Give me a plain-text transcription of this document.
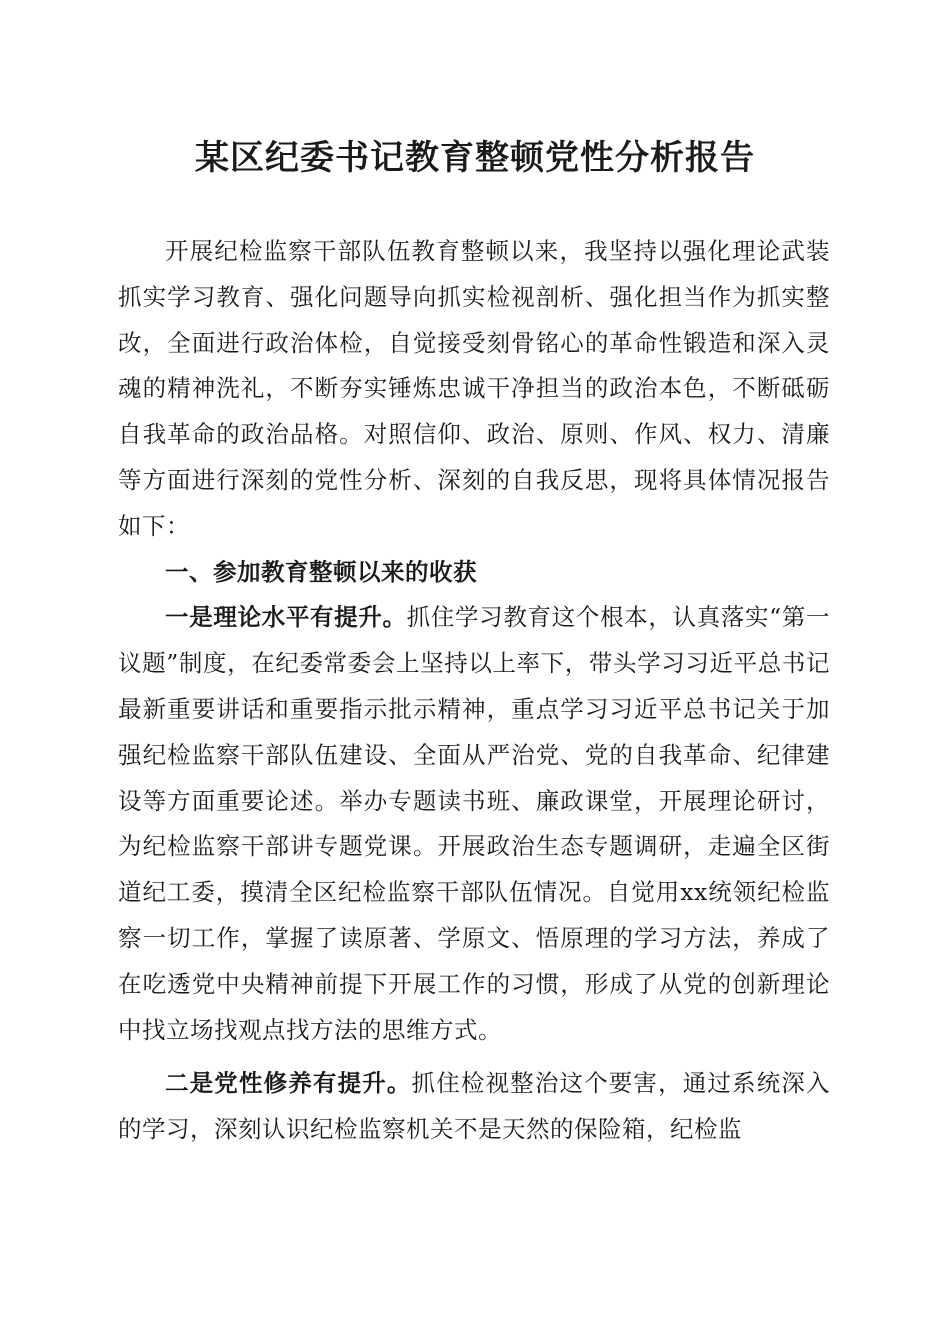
某区纪委书记教育整顿党性分析报告

开展纪检监察干部队伍教育整顿以来，我坚持以强化理论武装抓实学习教育、强化问题导向抓实检视剖析、强化担当作为抓实整改，全面进行政治体检，自觉接受刻骨铭心的革命性锻造和深入灵魂的精神洗礼，不断夯实锤炼忠诚干净担当的政治本色，不断砥砺自我革命的政治品格。对照信仰、政治、原则、作风、权力、清廉等方面进行深刻的党性分析、深刻的自我反思，现将具体情况报告如下：

一、参加教育整顿以来的收获

一是理论水平有提升。抓住学习教育这个根本，认真落实“第一议题”制度，在纪委常委会上坚持以上率下，带头学习习近平总书记最新重要讲话和重要指示批示精神，重点学习习近平总书记关于加强纪检监察干部队伍建设、全面从严治党、党的自我革命、纪律建设等方面重要论述。举办专题读书班、廉政课堂，开展理论研讨，为纪检监察干部讲专题党课。开展政治生态专题调研，走遍全区街道纪工委，摸清全区纪检监察干部队伍情况。自觉用xx统领纪检监察一切工作，掌握了读原著、学原文、悟原理的学习方法，养成了在吃透党中央精神前提下开展工作的习惯，形成了从党的创新理论中找立场找观点找方法的思维方式。

二是党性修养有提升。抓住检视整治这个要害，通过系统深入的学习，深刻认识纪检监察机关不是天然的保险箱，纪检监
